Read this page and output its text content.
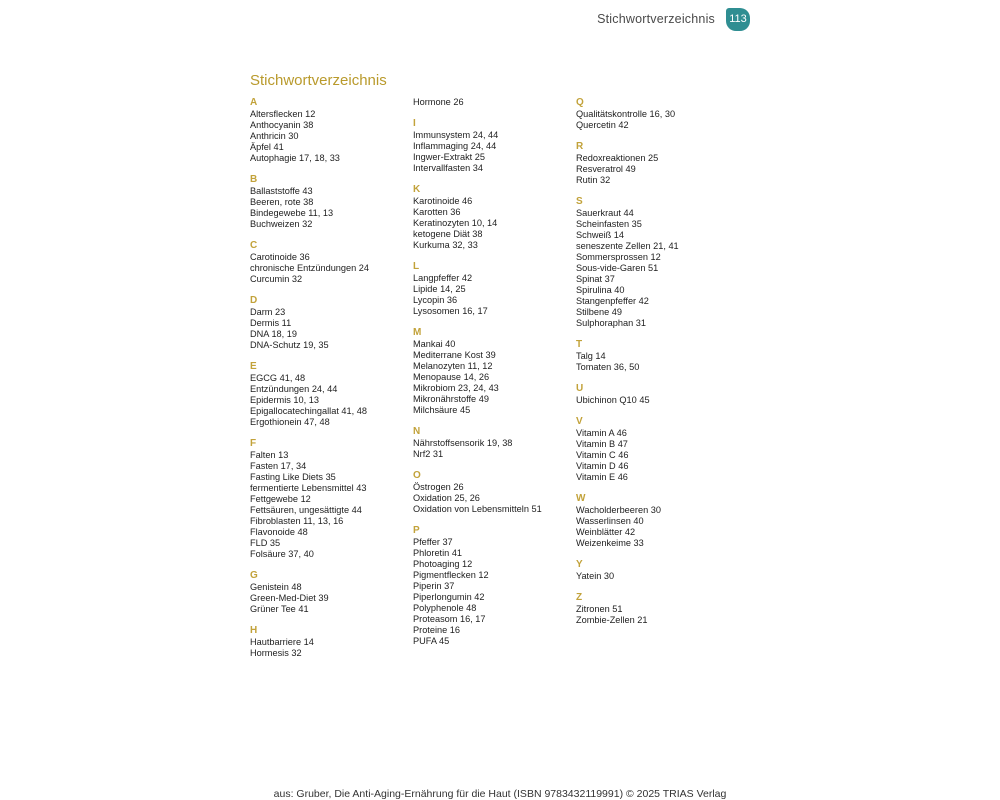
Stichwortverzeichnis 113
Stichwortverzeichnis
A
Altersflecken 12
Anthocyanin 38
Anthricin 30
Äpfel 41
Autophagie 17, 18, 33
B
Ballaststoffe 43
Beeren, rote 38
Bindegewebe 11, 13
Buchweizen 32
C
Carotinoide 36
chronische Entzündungen 24
Curcumin 32
D
Darm 23
Dermis 11
DNA 18, 19
DNA-Schutz 19, 35
E
EGCG 41, 48
Entzündungen 24, 44
Epidermis 10, 13
Epigallocatechingallat 41, 48
Ergothionein 47, 48
F
Falten 13
Fasten 17, 34
Fasting Like Diets 35
fermentierte Lebensmittel 43
Fettgewebe 12
Fettsäuren, ungesättigte 44
Fibroblasten 11, 13, 16
Flavonoide 48
FLD 35
Folsäure 37, 40
G
Genistein 48
Green-Med-Diet 39
Grüner Tee 41
H
Hautbarriere 14
Hormesis 32
Hormone 26
I
Immunsystem 24, 44
Inflammaging 24, 44
Ingwer-Extrakt 25
Intervallfasten 34
K
Karotinoide 46
Karotten 36
Keratinozyten 10, 14
ketogene Diät 38
Kurkuma 32, 33
L
Langpfeffer 42
Lipide 14, 25
Lycopin 36
Lysosomen 16, 17
M
Mankai 40
Mediterrane Kost 39
Melanozyten 11, 12
Menopause 14, 26
Mikrobiom 23, 24, 43
Mikronährstoffe 49
Milchsäure 45
N
Nährstoffsensorik 19, 38
Nrf2 31
O
Östrogen 26
Oxidation 25, 26
Oxidation von Lebensmitteln 51
P
Pfeffer 37
Phloretin 41
Photoaging 12
Pigmentflecken 12
Piperin 37
Piperlongumin 42
Polyphenole 48
Proteasom 16, 17
Proteine 16
PUFA 45
Q
Qualitätskontrolle 16, 30
Quercetin 42
R
Redoxreaktionen 25
Resveratrol 49
Rutin 32
S
Sauerkraut 44
Scheinfasten 35
Schweiß 14
seneszente Zellen 21, 41
Sommersprossen 12
Sous-vide-Garen 51
Spinat 37
Spirulina 40
Stangenpfeffer 42
Stilbene 49
Sulphoraphan 31
T
Talg 14
Tomaten 36, 50
U
Ubichinon Q10 45
V
Vitamin A 46
Vitamin B 47
Vitamin C 46
Vitamin D 46
Vitamin E 46
W
Wacholderbeeren 30
Wasserlinsen 40
Weinblätter 42
Weizenkeime 33
Y
Yatein 30
Z
Zitronen 51
Zombie-Zellen 21
aus: Gruber, Die Anti-Aging-Ernährung für die Haut (ISBN 9783432119991) © 2025 TRIAS Verlag
